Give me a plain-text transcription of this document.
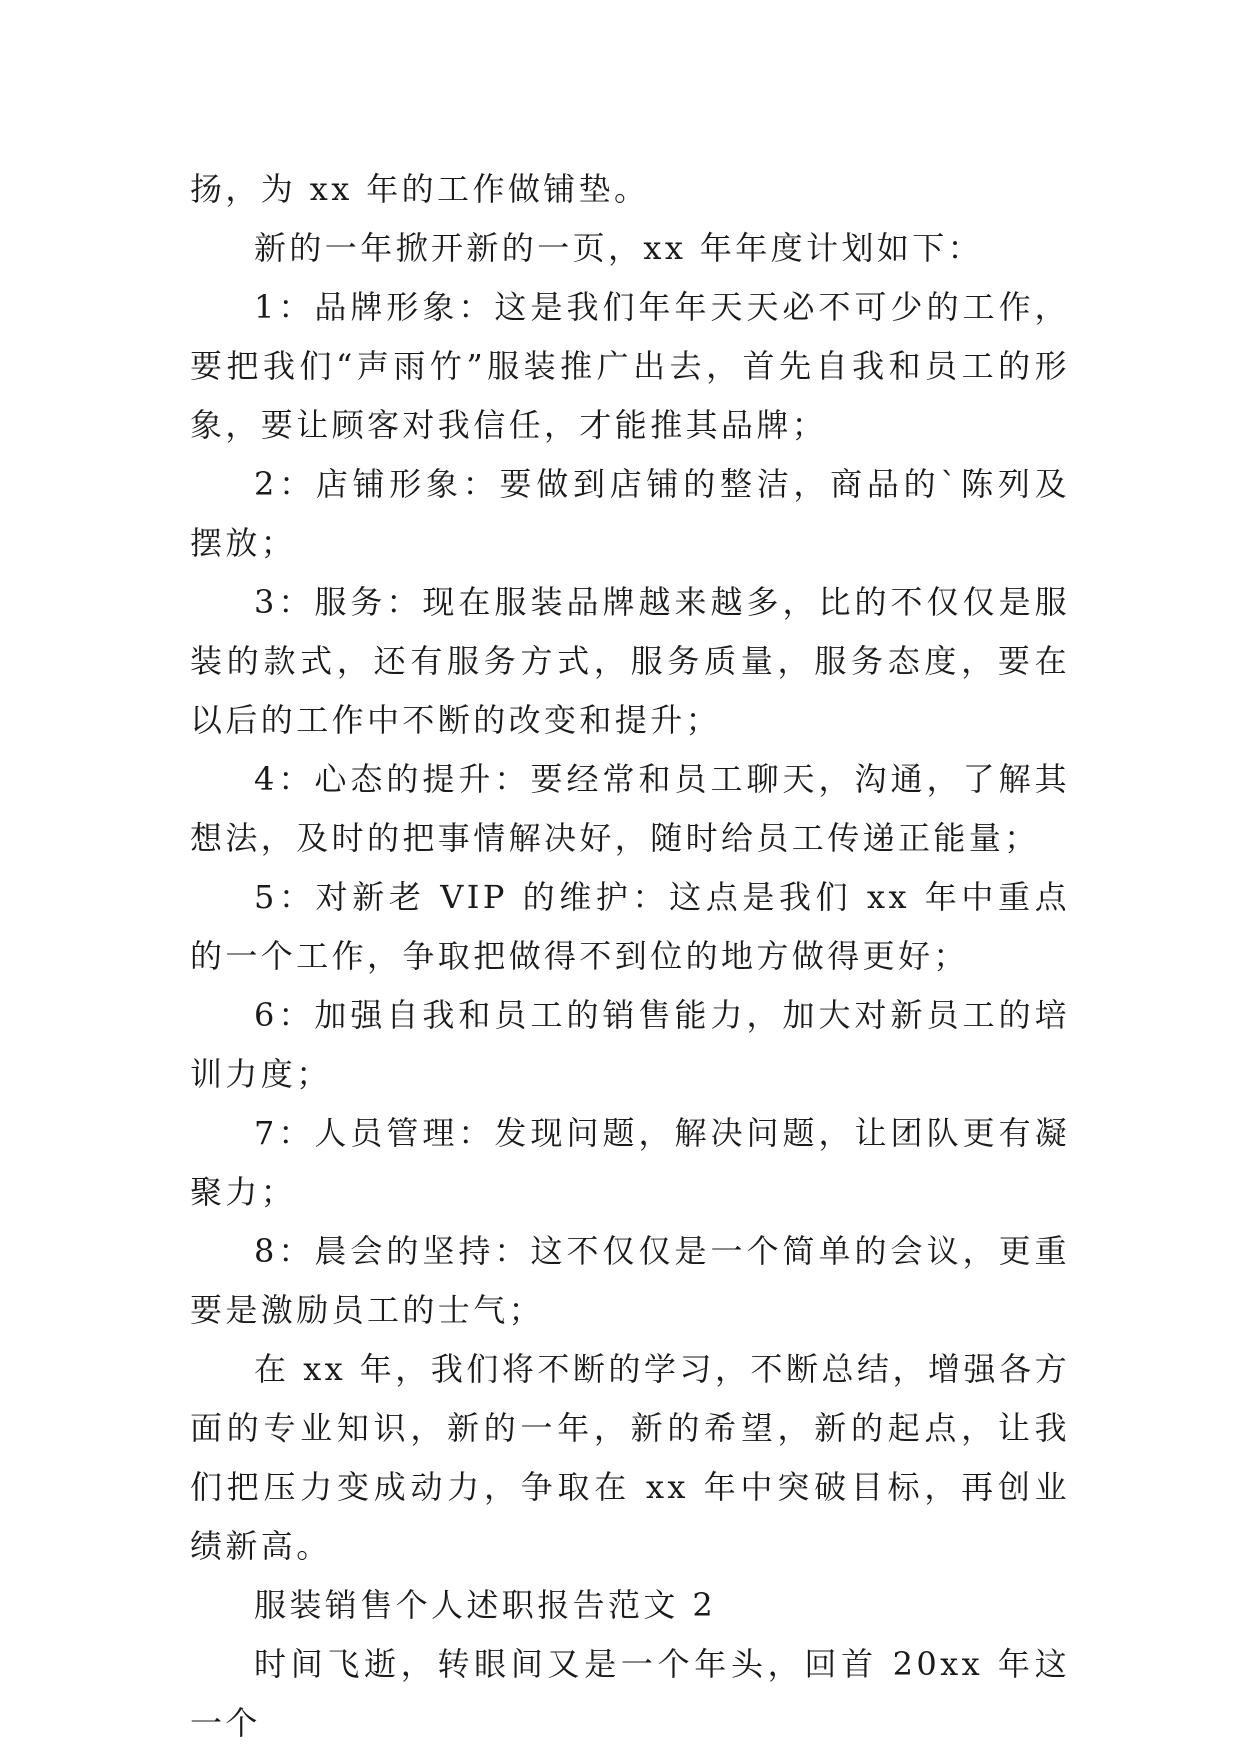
扬，为 xx 年的工作做铺垫。

新的一年掀开新的一页，xx 年年度计划如下：

1：品牌形象：这是我们年年天天必不可少的工作，要把我们“声雨竹”服装推广出去，首先自我和员工的形象，要让顾客对我信任，才能推其品牌；

2：店铺形象：要做到店铺的整洁，商品的`陈列及摆放；

3：服务：现在服装品牌越来越多，比的不仅仅是服装的款式，还有服务方式，服务质量，服务态度，要在以后的工作中不断的改变和提升；

4：心态的提升：要经常和员工聊天，沟通，了解其想法，及时的把事情解决好，随时给员工传递正能量；

5：对新老 VIP 的维护：这点是我们 xx 年中重点的一个工作，争取把做得不到位的地方做得更好；

6：加强自我和员工的销售能力，加大对新员工的培训力度；

7：人员管理：发现问题，解决问题，让团队更有凝聚力；

8：晨会的坚持：这不仅仅是一个简单的会议，更重要是激励员工的士气；

在 xx 年，我们将不断的学习，不断总结，增强各方面的专业知识，新的一年，新的希望，新的起点，让我们把压力变成动力，争取在 xx 年中突破目标，再创业绩新高。

服装销售个人述职报告范文 2

时间飞逝，转眼间又是一个年头，回首 20xx 年这一个
